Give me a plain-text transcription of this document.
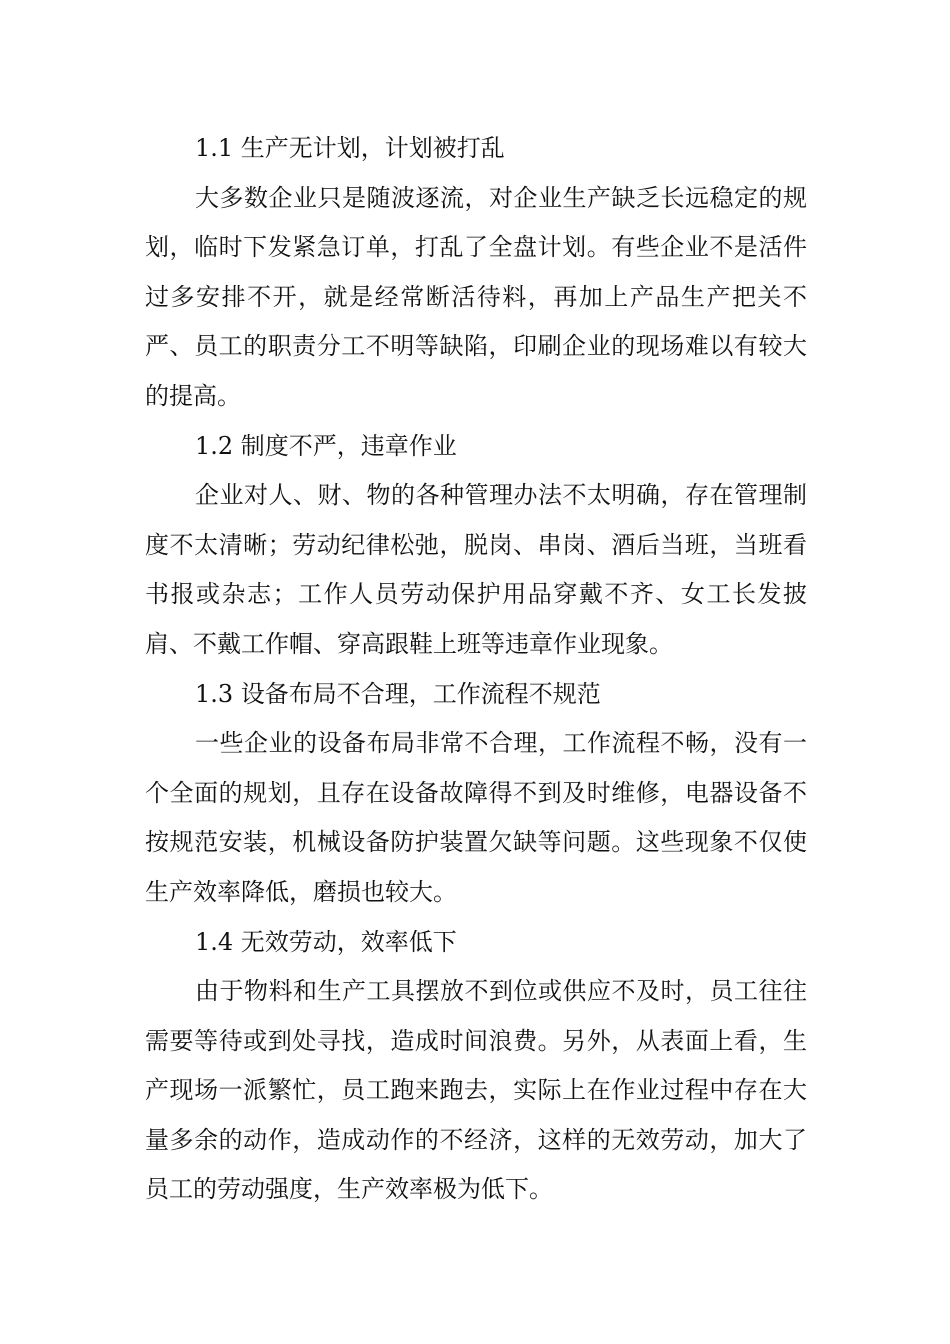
1.1 生产无计划，计划被打乱

大多数企业只是随波逐流，对企业生产缺乏长远稳定的规划，临时下发紧急订单，打乱了全盘计划。有些企业不是活件过多安排不开，就是经常断活待料，再加上产品生产把关不严、员工的职责分工不明等缺陷，印刷企业的现场难以有较大的提高。

1.2 制度不严，违章作业

企业对人、财、物的各种管理办法不太明确，存在管理制度不太清晰；劳动纪律松弛，脱岗、串岗、酒后当班，当班看书报或杂志；工作人员劳动保护用品穿戴不齐、女工长发披肩、不戴工作帽、穿高跟鞋上班等违章作业现象。

1.3 设备布局不合理，工作流程不规范

一些企业的设备布局非常不合理，工作流程不畅，没有一个全面的规划，且存在设备故障得不到及时维修，电器设备不按规范安装，机械设备防护装置欠缺等问题。这些现象不仅使生产效率降低，磨损也较大。

1.4 无效劳动，效率低下

由于物料和生产工具摆放不到位或供应不及时，员工往往需要等待或到处寻找，造成时间浪费。另外，从表面上看，生产现场一派繁忙，员工跑来跑去，实际上在作业过程中存在大量多余的动作，造成动作的不经济，这样的无效劳动，加大了员工的劳动强度，生产效率极为低下。
